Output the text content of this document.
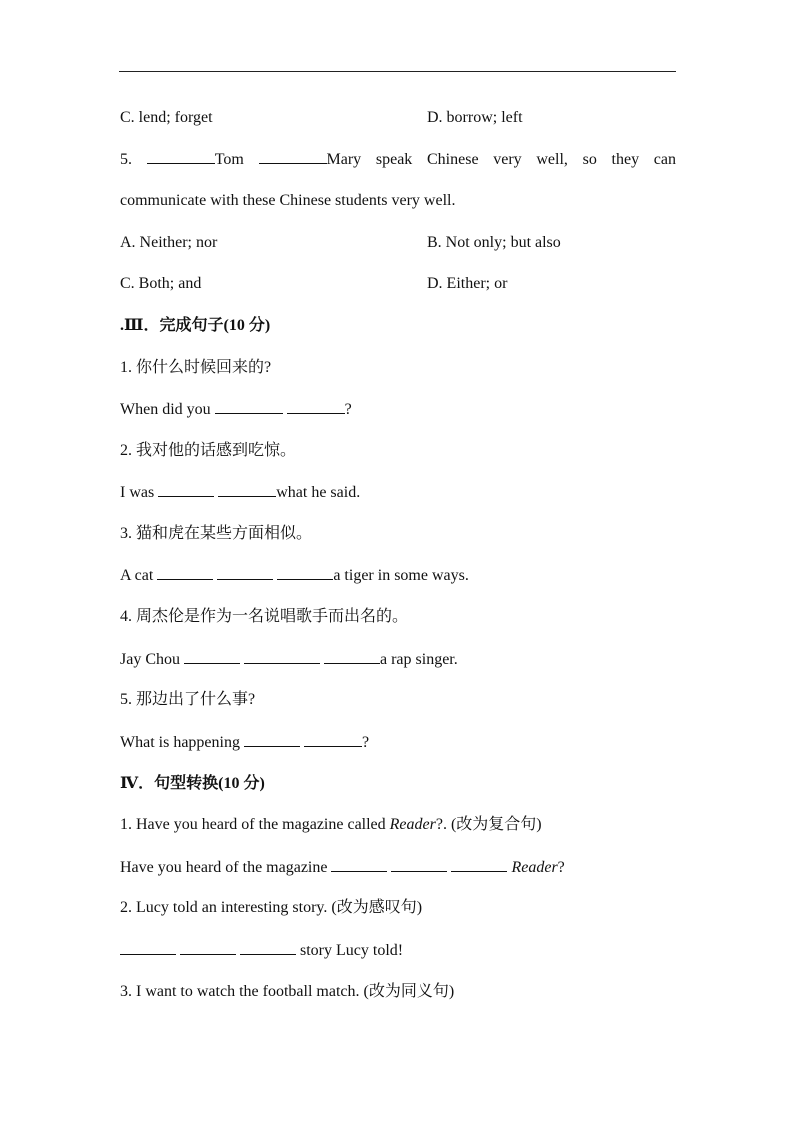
C. lend; forget	D. borrow; left
5.	Tom	Mary speak Chinese very well, so they can
communicate with these Chinese students very well.
A. Neither; nor	B. Not only; but also
C. Both; and	D. Either; or
.Ⅲ．完成句子(10 分)
1. 你什么时候回来的?
When did you	?
2. 我对他的话感到吃惊。
I was	what he said.
3. 猫和虎在某些方面相似。
A cat	a tiger in some ways.
4. 周杰伦是作为一名说唱歌手而出名的。
Jay Chou	a rap singer.
5. 那边出了什么事?
What is happening	?
Ⅳ．句型转换(10 分)
1. Have you heard of the magazine called Reader?. (改为复合句)
Have you heard of the magazine	Reader?
2. Lucy told an interesting story. (改为感叹句)
story Lucy told!
3. I want to watch the football match. (改为同义句)
